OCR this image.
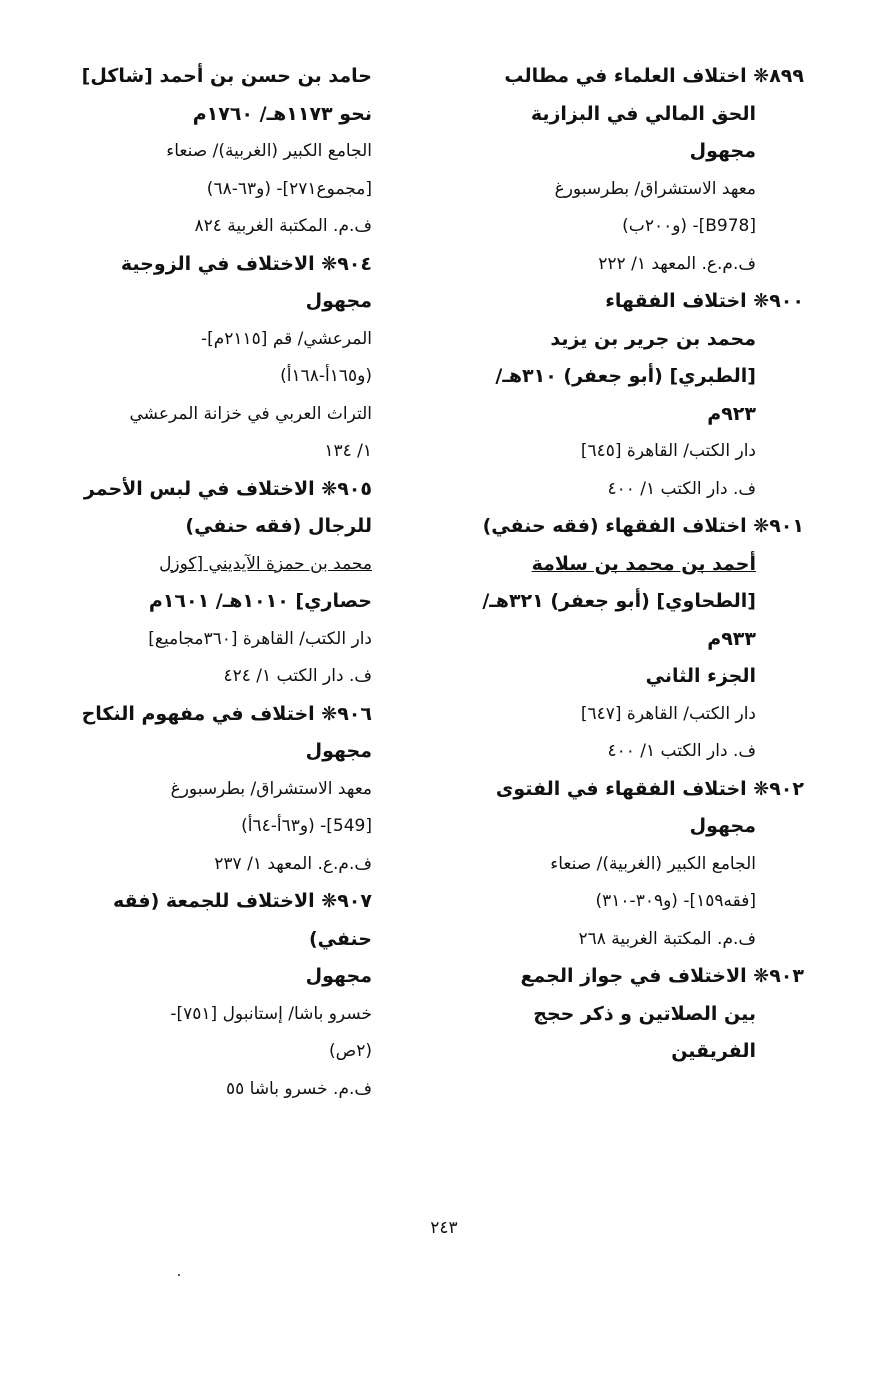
٨٩٩❋ اختلاف العلماء في مطالب
الحق المالي في البزازية
مجهول
معهد الاستشراق/ بطرسبورغ
[B978]- (و٢٠٠ب)
ف.م.ع. المعهد ١/ ٢٢٢
٩٠٠❋ اختلاف الفقهاء
محمد بن جرير بن يزيد
[الطبري] (أبو جعفر) ٣١٠هـ/
٩٢٣م
دار الكتب/ القاهرة [٦٤٥]
ف. دار الكتب ١/ ٤٠٠
٩٠١❋ اختلاف الفقهاء (فقه حنفي)
أحمد بن محمد بن سلامة
[الطحاوي] (أبو جعفر) ٣٢١هـ/
٩٣٣م
الجزء الثاني
دار الكتب/ القاهرة [٦٤٧]
ف. دار الكتب ١/ ٤٠٠
٩٠٢❋ اختلاف الفقهاء في الفتوى
مجهول
الجامع الكبير (الغربية)/ صنعاء
[فقه١٥٩]- (و٣٠٩-٣١٠)
ف.م. المكتبة الغربية ٢٦٨
٩٠٣❋ الاختلاف في جواز الجمع
بين الصلاتين و ذكر حجج
الفريقين
حامد بن حسن بن أحمد [شاكل]
نحو ١١٧٣هـ/ ١٧٦٠م
الجامع الكبير (الغربية)/ صنعاء
[مجموع٢٧١]- (و٦٣-٦٨)
ف.م. المكتبة الغربية ٨٢٤
٩٠٤❋ الاختلاف في الزوجية
مجهول
المرعشي/ قم [٢١١٥م]-
(و١٦٥أ-١٦٨أ)
التراث العربي في خزانة المرعشي
١/ ١٣٤
٩٠٥❋ الاختلاف في لبس الأحمر
للرجال (فقه حنفي)
محمد بن حمزة الآيديني [كوزل
حصاري] ١٠١٠هـ/ ١٦٠١م
دار الكتب/ القاهرة [٣٦٠مجاميع]
ف. دار الكتب ١/ ٤٢٤
٩٠٦❋ اختلاف في مفهوم النكاح
مجهول
معهد الاستشراق/ بطرسبورغ
[549]- (و٦٣أ-٦٤أ)
ف.م.ع. المعهد ١/ ٢٣٧
٩٠٧❋ الاختلاف للجمعة (فقه
حنفي)
مجهول
خسرو باشا/ إستانبول [٧٥١]-
(٢ص)
ف.م. خسرو باشا ٥٥
٢٤٣
